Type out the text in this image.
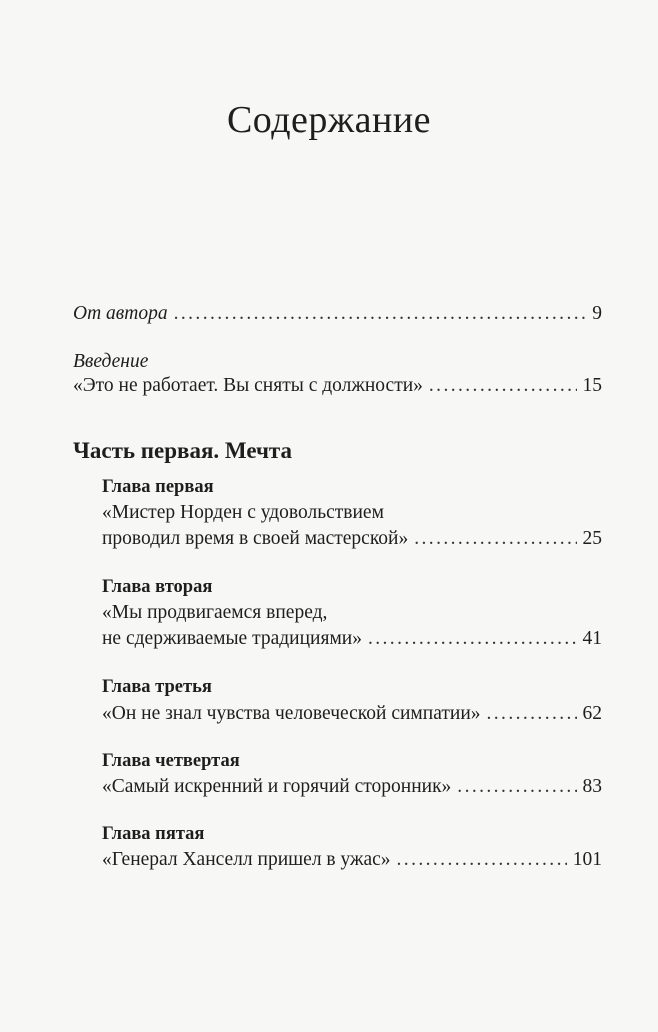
Содержание
От автора .....	9
Введение
«Это не работает. Вы сняты с должности» .....	15
Часть первая. Мечта
Глава первая
«Мистер Норден с удовольствием
проводил время в своей мастерской» .....	25
Глава вторая
«Мы продвигаемся вперед,
не сдерживаемые традициями» .....	41
Глава третья
«Он не знал чувства человеческой симпатии» .....	62
Глава четвертая
«Самый искренний и горячий сторонник» .....	83
Глава пятая
«Генерал Ханселл пришел в ужас» .....	101
